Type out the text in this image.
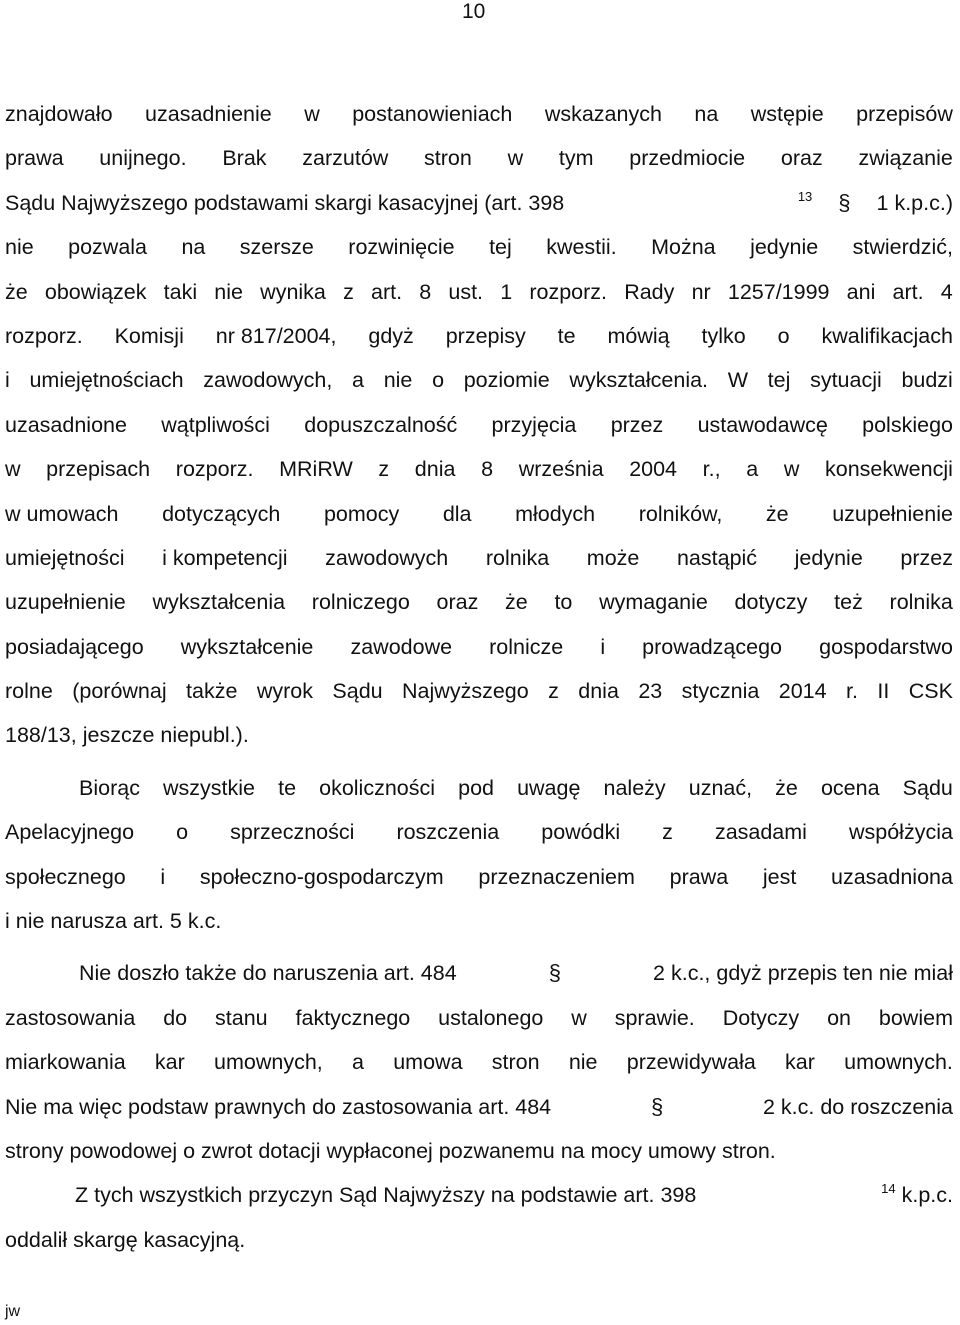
10
znajdowało uzasadnienie w postanowieniach wskazanych na wstępie przepisów
prawa unijnego. Brak zarzutów stron w tym przedmiocie oraz związanie
Sądu Najwyższego podstawami skargi kasacyjnej (art. 398	$^{13}$ § 1 k.p.c.)
nie pozwala na szersze rozwinięcie tej kwestii. Można jedynie stwierdzić,
że obowiązek taki nie wynika z art. 8 ust. 1 rozporz. Rady nr 1257/1999 ani art. 4
rozporz. Komisji nr 817/2004, gdyż przepisy te mówią tylko o kwalifikacjach
i umiejętnościach zawodowych, a nie o poziomie wykształcenia. W tej sytuacji budzi
uzasadnione wątpliwości dopuszczalność przyjęcia przez ustawodawcę polskiego
w przepisach rozporz. MRiRW z dnia 8 września 2004 r., a w konsekwencji
w umowach dotyczących pomocy dla młodych rolników, że uzupełnienie
umiejętności i kompetencji zawodowych rolnika może nastąpić jedynie przez
uzupełnienie wykształcenia rolniczego oraz że to wymaganie dotyczy też rolnika
posiadającego wykształcenie zawodowe rolnicze i prowadzącego gospodarstwo
rolne (porównaj także wyrok Sądu Najwyższego z dnia 23 stycznia 2014 r. II CSK
188/13, jeszcze niepubl.).
Biorąc wszystkie te okoliczności pod uwagę należy uznać, że ocena Sądu
Apelacyjnego o sprzeczności roszczenia powódki z zasadami współżycia
społecznego i społeczno-gospodarczym przeznaczeniem prawa jest uzasadniona
i nie narusza art. 5 k.c.
Nie doszło także do naruszenia art. 484	§	2 k.c., gdyż przepis ten nie miał
zastosowania do stanu faktycznego ustalonego w sprawie. Dotyczy on bowiem
miarkowania kar umownych, a umowa stron nie przewidywała kar umownych.
Nie ma więc podstaw prawnych do zastosowania art. 484	§	2 k.c. do roszczenia
strony powodowej o zwrot dotacji wypłaconej pozwanemu na mocy umowy stron.
Z tych wszystkich przyczyn Sąd Najwyższy na podstawie art. 398	$^{14}$ k.p.c.
oddalił skargę kasacyjną.
jw
